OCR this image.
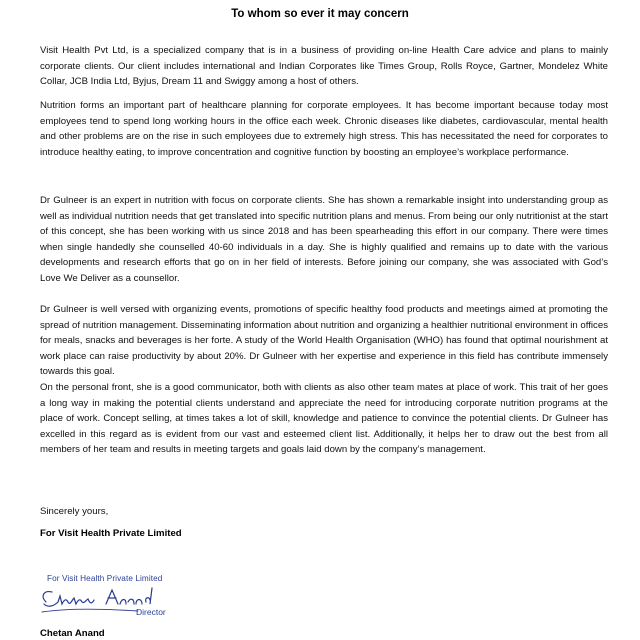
To whom so ever it may concern

Visit Health Pvt Ltd, is a specialized company that is in a business of providing on-line Health Care advice and plans to mainly corporate clients. Our client includes international and Indian Corporates like Times Group, Rolls Royce, Gartner, Mondelez White Collar, JCB India Ltd, Byjus, Dream 11 and Swiggy among a host of others.

Nutrition forms an important part of healthcare planning for corporate employees. It has become important because today most employees tend to spend long working hours in the office each week. Chronic diseases like diabetes, cardiovascular, mental health and other problems are on the rise in such employees due to extremely high stress. This has necessitated the need for corporates to introduce healthy eating, to improve concentration and cognitive function by boosting an employee’s workplace performance.

Dr Gulneer is an expert in nutrition with focus on corporate clients. She has shown a remarkable insight into understanding group as well as individual nutrition needs that get translated into specific nutrition plans and menus. From being our only nutritionist at the start of this concept, she has been working with us since 2018 and has been spearheading this effort in our company. There were times when single handedly she counselled 40-60 individuals in a day. She is highly qualified and remains up to date with the various developments and research efforts that go on in her field of interests. Before joining our company, she was associated with God’s Love We Deliver as a counsellor.

Dr Gulneer is well versed with organizing events, promotions of specific healthy food products and meetings aimed at promoting the spread of nutrition management. Disseminating information about nutrition and organizing a healthier nutritional environment in offices for meals, snacks and beverages is her forte. A study of the World Health Organisation (WHO) has found that optimal nourishment at work place can raise productivity by about 20%. Dr Gulneer with her expertise and experience in this field has contribute immensely towards this goal.

On the personal front, she is a good communicator, both with clients as also other team mates at place of work. This trait of her goes a long way in making the potential clients understand and appreciate the need for introducing corporate nutrition programs at the place of work. Concept selling, at times takes a lot of skill, knowledge and patience to convince the potential clients. Dr Gulneer has excelled in this regard as is evident from our vast and esteemed client list. Additionally, it helps her to draw out the best from all members of her team and results in meeting targets and goals laid down by the company’s management.

Sincerely yours,
For Visit Health Private Limited
For Visit Health Private Limited
Director
Chetan Anand
